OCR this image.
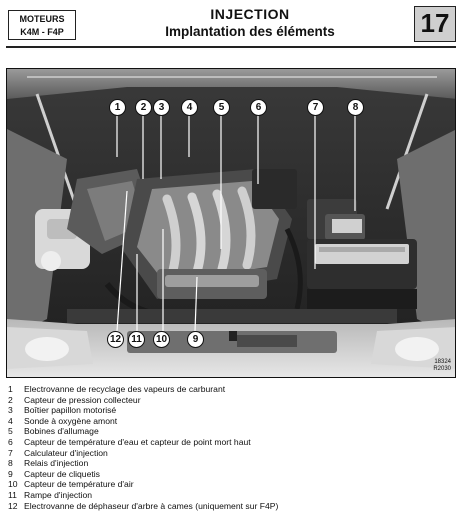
MOTEURS
K4M - F4P
INJECTION
Implantation des éléments	17
1	2	3	4	5	6	7	8
9
10
11
12
18324
R2030
1	Electrovanne de recyclage des vapeurs de carburant
2	Capteur de pression collecteur
3	Boîtier papillon motorisé
4	Sonde à oxygène amont
5	Bobines d'allumage
6	Capteur de température d'eau et capteur de point mort haut
7	Calculateur d'injection
8	Relais d'injection
9	Capteur de cliquetis
10 Capteur de température d'air
11 Rampe d'injection
12 Electrovanne de déphaseur d'arbre à cames (uniquement sur F4P)
